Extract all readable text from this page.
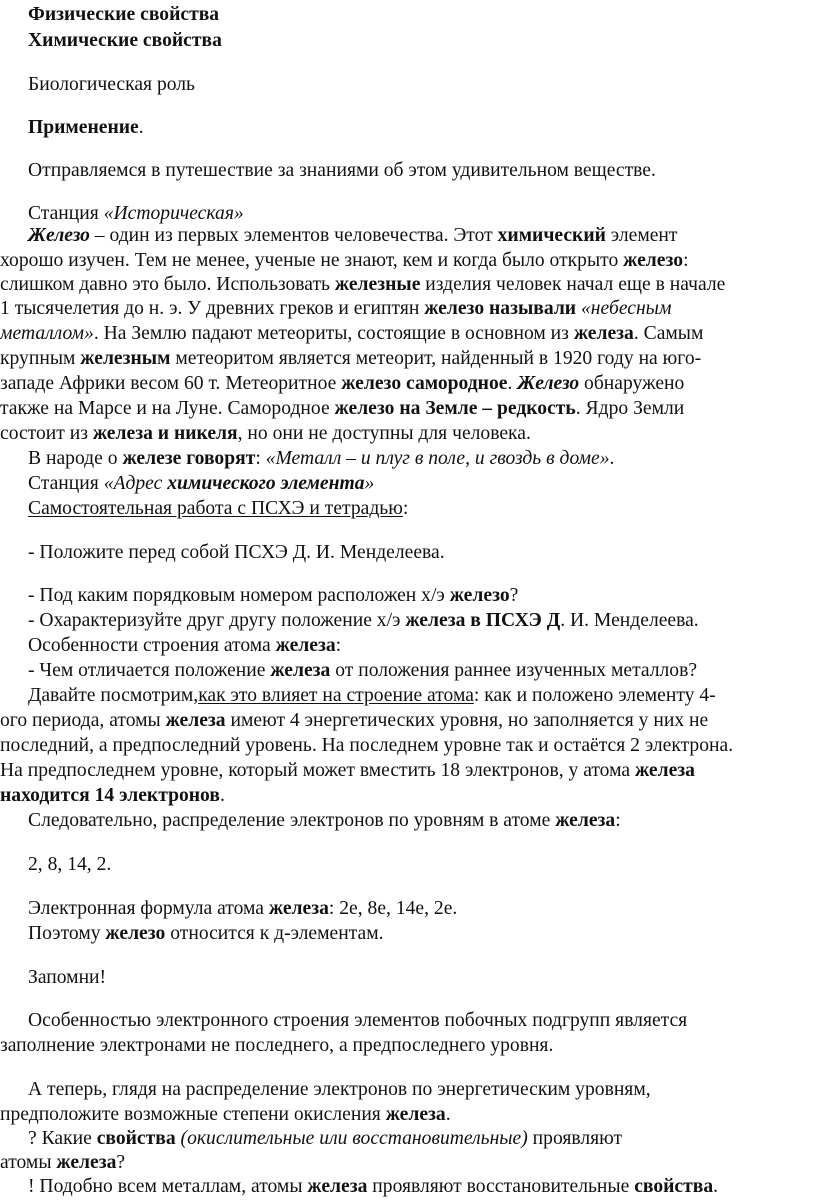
Физические свойства
Химические свойства
Биологическая роль
Применение.
Отправляемся в путешествие за знаниями об этом удивительном веществе.
Станция «Историческая»
Железо – один из первых элементов человечества. Этот химический элемент
хорошо изучен. Тем не менее, ученые не знают, кем и когда было открыто железо:
слишком давно это было. Использовать железные изделия человек начал еще в начале
1 тысячелетия до н. э. У древних греков и египтян железо называли «небесным
металлом». На Землю падают метеориты, состоящие в основном из железа. Самым
крупным железным метеоритом является метеорит, найденный в 1920 году на юго-
западе Африки весом 60 т. Метеоритное железо самородное. Железо обнаружено
также на Марсе и на Луне. Самородное железо на Земле – редкость. Ядро Земли
состоит из железа и никеля, но они не доступны для человека.
В народе о железе говорят: «Металл – и плуг в поле, и гвоздь в доме».
Станция «Адрес химического элемента»
Самостоятельная работа с ПСХЭ и тетрадью:
- Положите перед собой ПСХЭ Д. И. Менделеева.
- Под каким порядковым номером расположен х/э железо?
- Охарактеризуйте друг другу положение х/э железа в ПСХЭ Д. И. Менделеева.
Особенности строения атома железа:
- Чем отличается положение железа от положения раннее изученных металлов?
Давайте посмотрим,как это влияет на строение атома: как и положено элементу 4-
ого периода, атомы железа имеют 4 энергетических уровня, но заполняется у них не
последний, а предпоследний уровень. На последнем уровне так и остаётся 2 электрона.
На предпоследнем уровне, который может вместить 18 электронов, у атома железа
находится 14 электронов.
Следовательно, распределение электронов по уровням в атоме железа:
2, 8, 14, 2.
Электронная формула атома железа: 2е, 8е, 14е, 2е.
Поэтому железо относится к д-элементам.
Запомни!
Особенностью электронного строения элементов побочных подгрупп является
заполнение электронами не последнего, а предпоследнего уровня.
А теперь, глядя на распределение электронов по энергетическим уровням,
предположите возможные степени окисления железа.
? Какие свойства (окислительные или восстановительные) проявляют
атомы железа?
! Подобно всем металлам, атомы железа проявляют восстановительные свойства.
